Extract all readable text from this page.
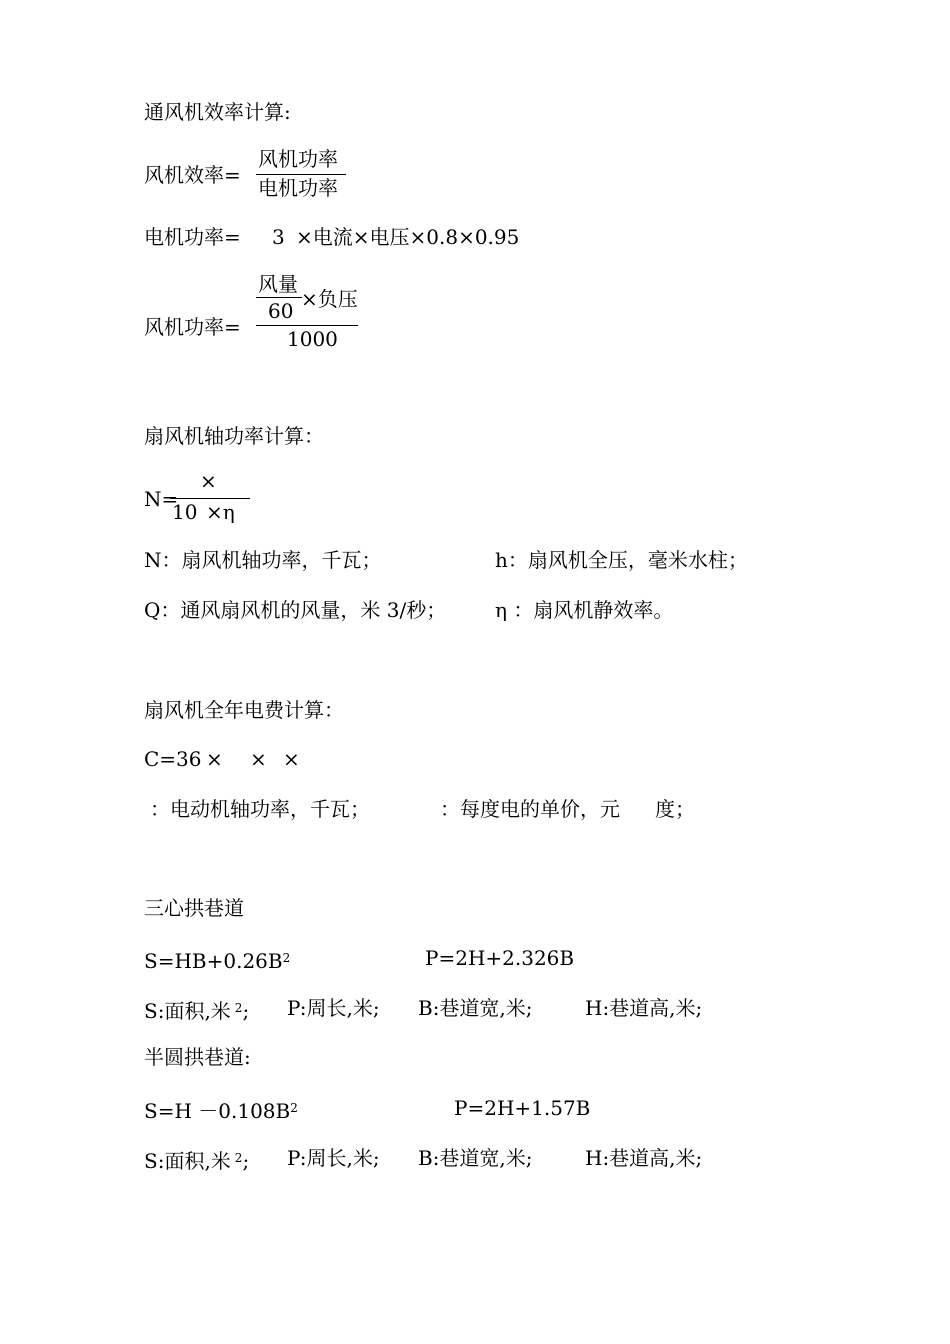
通风机效率计算:
风机效率=
风机功率
电机功率
电机功率= 3 ×电流×电压×0.8×0.95
风量
60 ×负压
风机功率= 1000
扇风机轴功率计算：
×
N=
10 ×η
N：扇风机轴功率，千瓦；	h：扇风机全压，毫米水柱；
Q：通风扇风机的风量，米 3/秒； η ：扇风机静效率。
扇风机全年电费计算：
C=36 × × ×
：电动机轴功率，千瓦；	：每度电的单价，元 度；
三心拱巷道
$S=HB+0.26B^2$	P=2H+2.326B
S:面积,米 $^2$; P:周长,米; B:巷道宽,米;	H:巷道高,米;
半圆拱巷道:
$S=H -0.108B^2$	P=2H+1.57B
S:面积,米 $^2$; P:周长,米; B:巷道宽,米;	H:巷道高,米;
